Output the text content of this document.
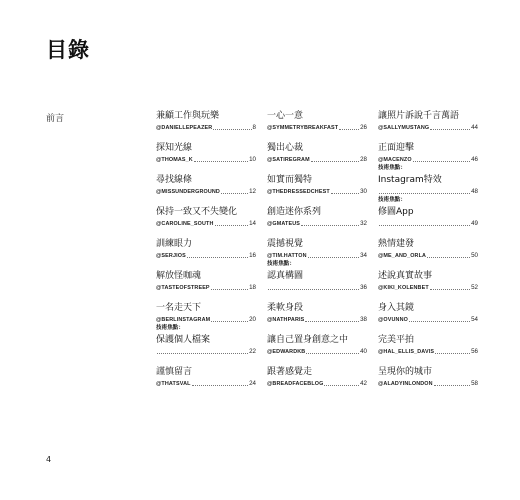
目錄
前言	兼顧工作與玩樂
@DANIELLEPEAZER	8
探知光線
@THOMAS_K	10
尋找線條
@MISSUNDERGROUND	12
保持一致又不失變化
@CAROLINE_SOUTH	14
訓練眼力
@SERJIOS	16
解放怪咖魂
@TASTEOFSTREEP	18
一名走天下
@BERLINSTAGRAM	20
技術焦點：
保護個人檔案
22
謹慎留言
@THATSVAL	24
一心一意
@SYMMETRYBREAKFAST	26
獨出心裁
@SATIREGRAM	28
如實而獨特
@THEDRESSEDCHEST	30
創造迷你系列
@GMATEUS	32
震撼視覺
@TIM.HATTON	34
技術焦點：
認真構圖
36
柔軟身段
@NATHPARIS	38
讓自己置身創意之中
@EDWARDKB	40
跟著感覺走
@BREADFACEBLOG	42
讓照片訴說千言萬語
@SALLYMUSTANG	44
正面迎擊
@MACENZO	46
技術焦點：
Instagram特效
48
技術焦點：
修圖App
49
熱情建發
@ME_AND_ORLA	50
述說真實故事
@KIKI_KOLENBET	52
身入其鏡
@OVUNNO	54
完美平拍
@HAL_ELLIS_DAVIS	56
呈現你的城市
@ALADYINLONDON	58
4
